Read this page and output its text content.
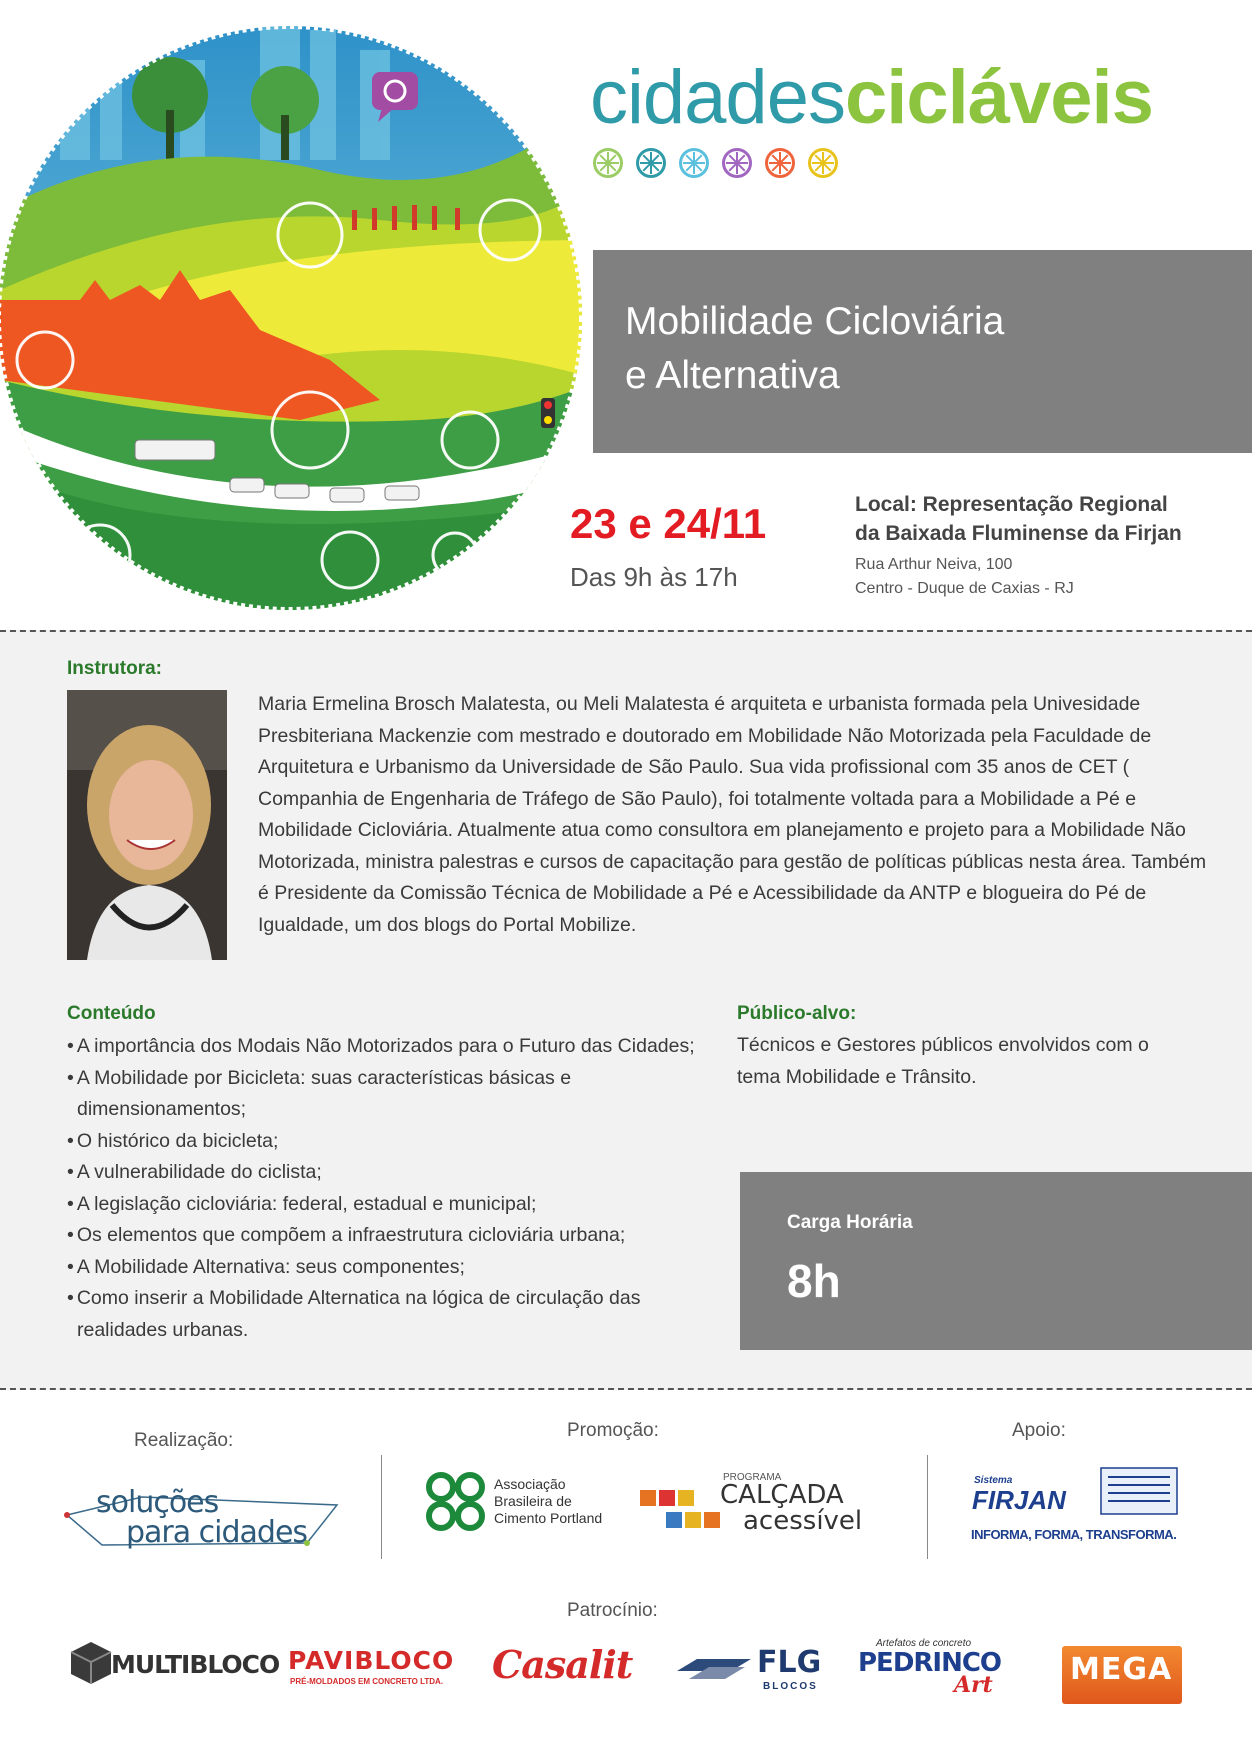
cidadescicláveis
Mobilidade Cicloviária
e Alternativa
23 e 24/11
Das 9h às 17h
Local: Representação Regional
da Baixada Fluminense da Firjan
Rua Arthur Neiva, 100
Centro - Duque de Caxias - RJ
Instrutora:
Maria Ermelina Brosch Malatesta, ou Meli Malatesta é arquiteta e urbanista formada pela Univesidade Presbiteriana Mackenzie com mestrado e doutorado em Mobilidade Não Motorizada pela Faculdade de Arquitetura e Urbanismo da Universidade de São Paulo. Sua vida profissional com 35 anos de CET ( Companhia de Engenharia de Tráfego de São Paulo), foi totalmente voltada para a Mobilidade a Pé e Mobilidade Cicloviária. Atualmente atua como consultora em planejamento e projeto para a Mobilidade Não Motorizada, ministra palestras e cursos de capacitação para gestão de políticas públicas nesta área. Também é Presidente da Comissão Técnica de Mobilidade a Pé e Acessibilidade da ANTP e blogueira do Pé de Igualdade, um dos blogs do Portal Mobilize.
Conteúdo
• A importância dos Modais Não Motorizados para o Futuro das Cidades;
• A Mobilidade por Bicicleta: suas características básicas e dimensionamentos;
• O histórico da bicicleta;
• A vulnerabilidade do ciclista;
• A legislação cicloviária: federal, estadual e municipal;
• Os elementos que compõem a infraestrutura cicloviária urbana;
• A Mobilidade Alternativa: seus componentes;
• Como inserir a Mobilidade Alternatica na lógica de circulação das realidades urbanas.
Público-alvo:
Técnicos e Gestores públicos envolvidos com o tema Mobilidade e Trânsito.
Carga Horária
8h
Realização:	Promoção:	Apoio:
soluções
para cidades
Associação
Brasileira de
Cimento Portland
PROGRAMA
CALÇADA
acessível
Sistema
FIRJAN
INFORMA, FORMA, TRANSFORMA.
Patrocínio:
MULTIBLOCO PAVIBLOCO
PRÉ-MOLDADOS EM CONCRETO LTDA. Casalit	FLG
BLOCOS
Artefatos de concreto
PEDRINCO
Art	MEGA
